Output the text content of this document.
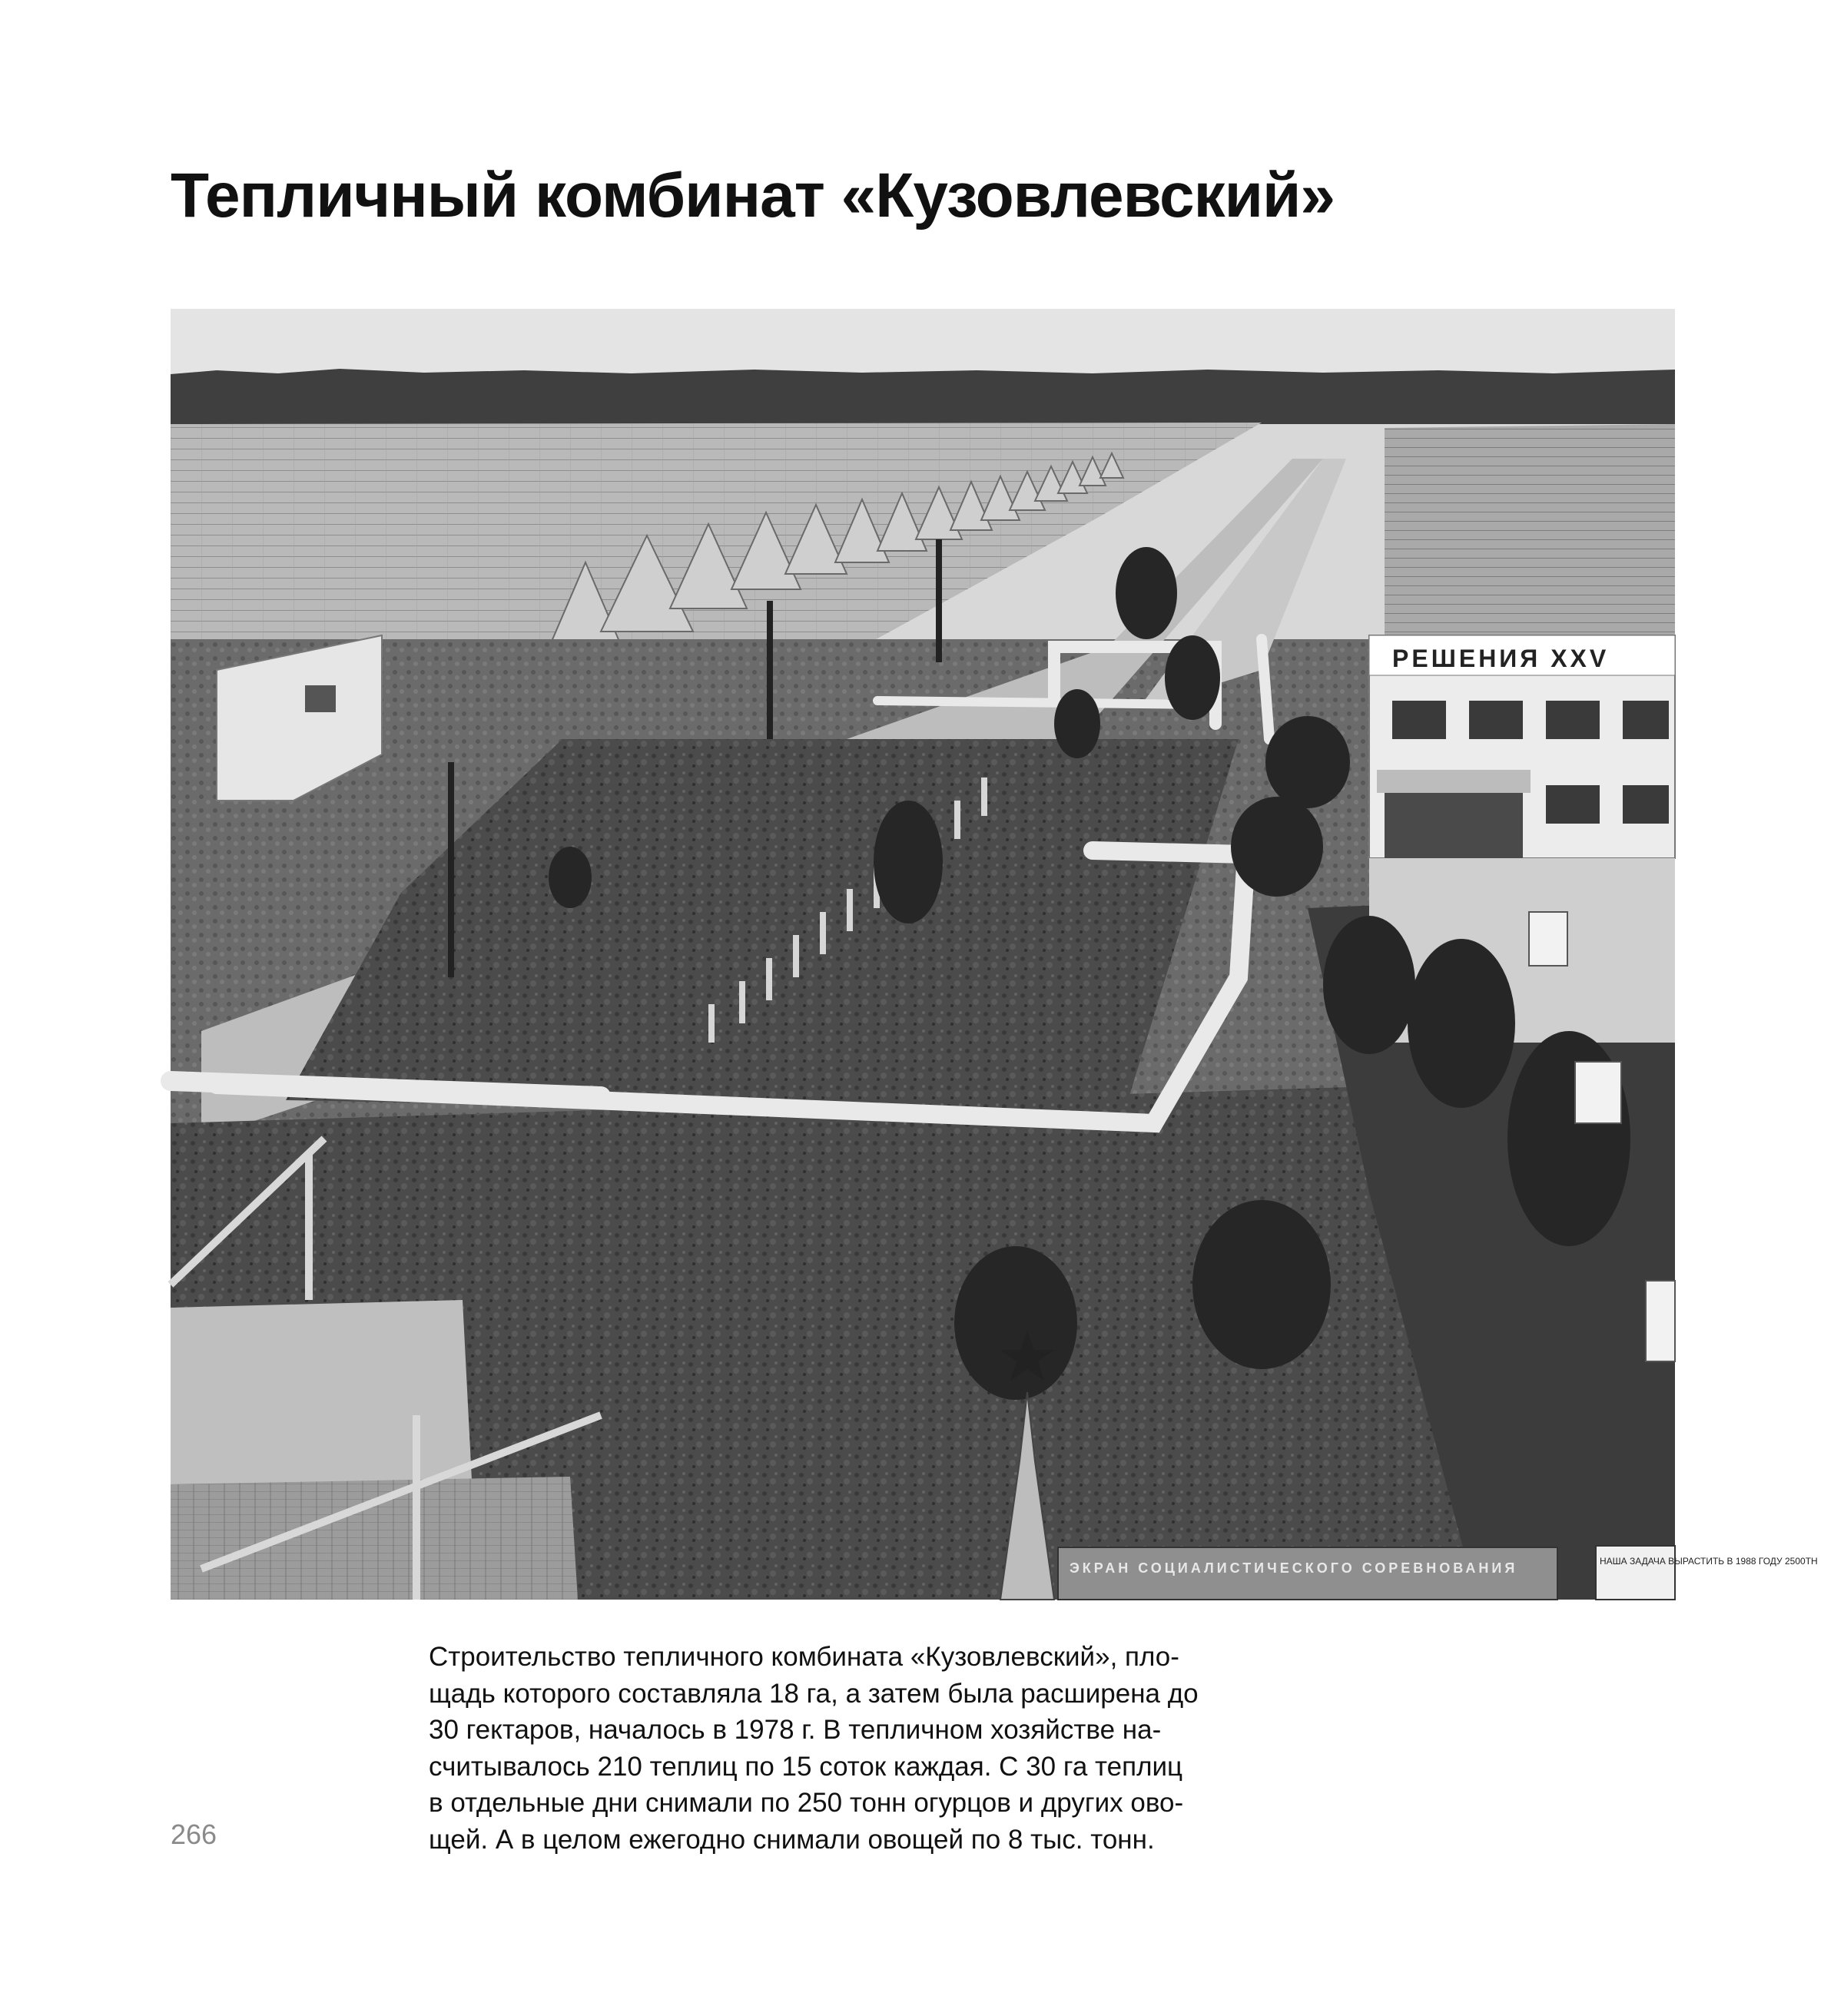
Тепличный комбинат «Кузовлевский»
РЕШЕНИЯ XXV
ЭКРАН СОЦИАЛИСТИЧЕСКОГО СОРЕВНОВАНИЯ	НАША ЗАДАЧА ВЫРАСТИТЬ В 1988 ГОДУ 2500ТН
Строительство тепличного комбината «Кузовлевский», пло-
щадь которого составляла 18 га, а затем была расширена до
30 гектаров, началось в 1978 г. В тепличном хозяйстве на-
считывалось 210 теплиц по 15 соток каждая. С 30 га теплиц
в отдельные дни снимали по 250 тонн огурцов и других ово-
щей. А в целом ежегодно снимали овощей по 8 тыс. тонн.
266
